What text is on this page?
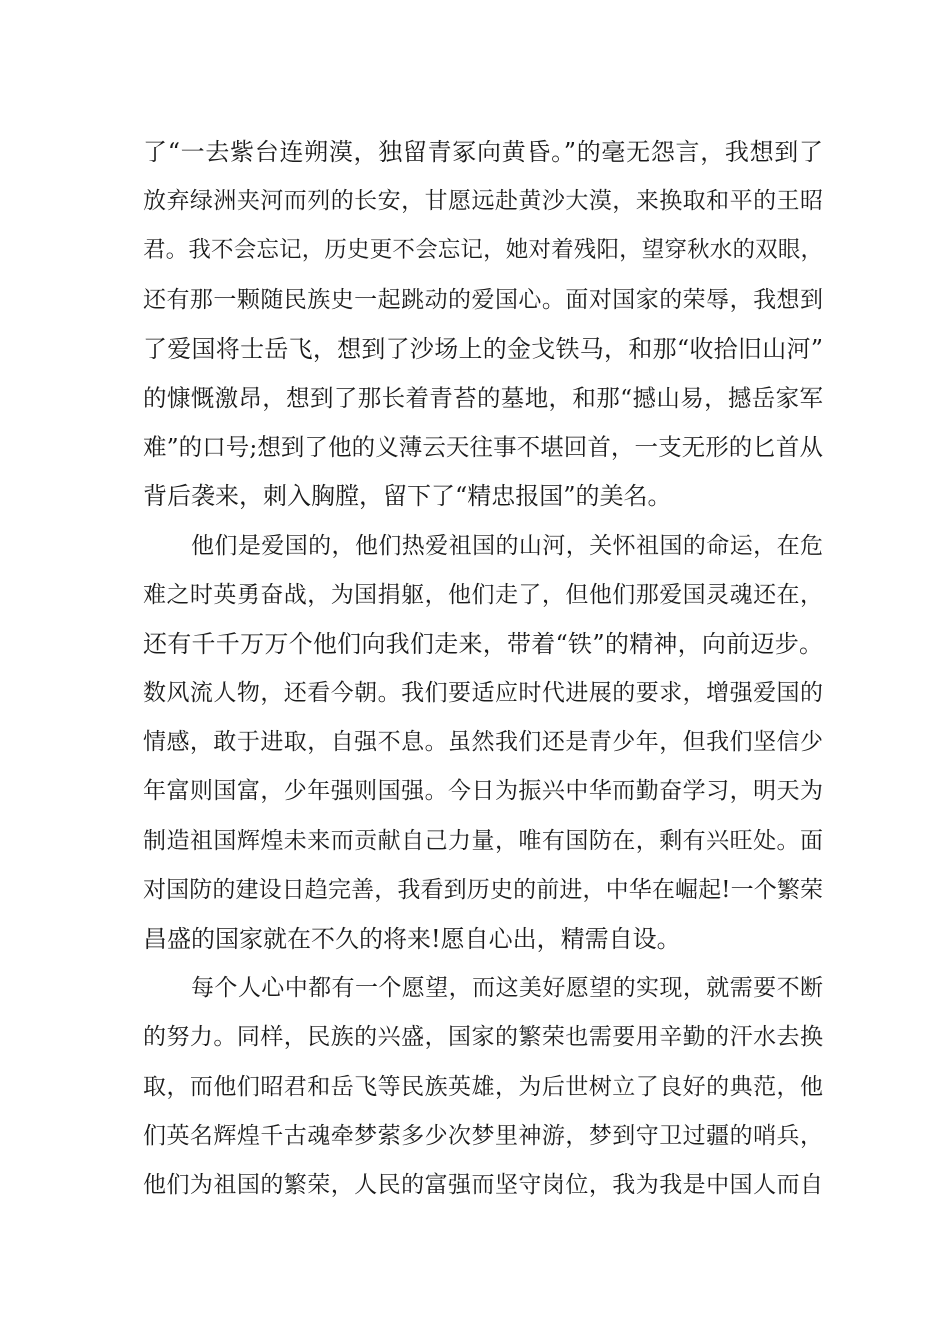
了“一去紫台连朔漠，独留青冢向黄昏。”的毫无怨言，我想到了
放弃绿洲夹河而列的长安，甘愿远赴黄沙大漠，来换取和平的王昭
君。我不会忘记，历史更不会忘记，她对着残阳，望穿秋水的双眼，
还有那一颗随民族史一起跳动的爱国心。面对国家的荣辱，我想到
了爱国将士岳飞，想到了沙场上的金戈铁马，和那“收拾旧山河”
的慷慨激昂，想到了那长着青苔的墓地，和那“撼山易，撼岳家军
难”的口号;想到了他的义薄云天往事不堪回首，一支无形的匕首从
背后袭来，刺入胸膛，留下了“精忠报国”的美名。
他们是爱国的，他们热爱祖国的山河，关怀祖国的命运，在危
难之时英勇奋战，为国捐躯，他们走了，但他们那爱国灵魂还在，
还有千千万万个他们向我们走来，带着“铁”的精神，向前迈步。
数风流人物，还看今朝。我们要适应时代进展的要求，增强爱国的
情感，敢于进取，自强不息。虽然我们还是青少年，但我们坚信少
年富则国富，少年强则国强。今日为振兴中华而勤奋学习，明天为
制造祖国辉煌未来而贡献自己力量，唯有国防在，剩有兴旺处。面
对国防的建设日趋完善，我看到历史的前进，中华在崛起!一个繁荣
昌盛的国家就在不久的将来!愿自心出，精需自设。
每个人心中都有一个愿望，而这美好愿望的实现，就需要不断
的努力。同样，民族的兴盛，国家的繁荣也需要用辛勤的汗水去换
取，而他们昭君和岳飞等民族英雄，为后世树立了良好的典范，他
们英名辉煌千古魂牵梦萦多少次梦里神游，梦到守卫过疆的哨兵，
他们为祖国的繁荣，人民的富强而坚守岗位，我为我是中国人而自
